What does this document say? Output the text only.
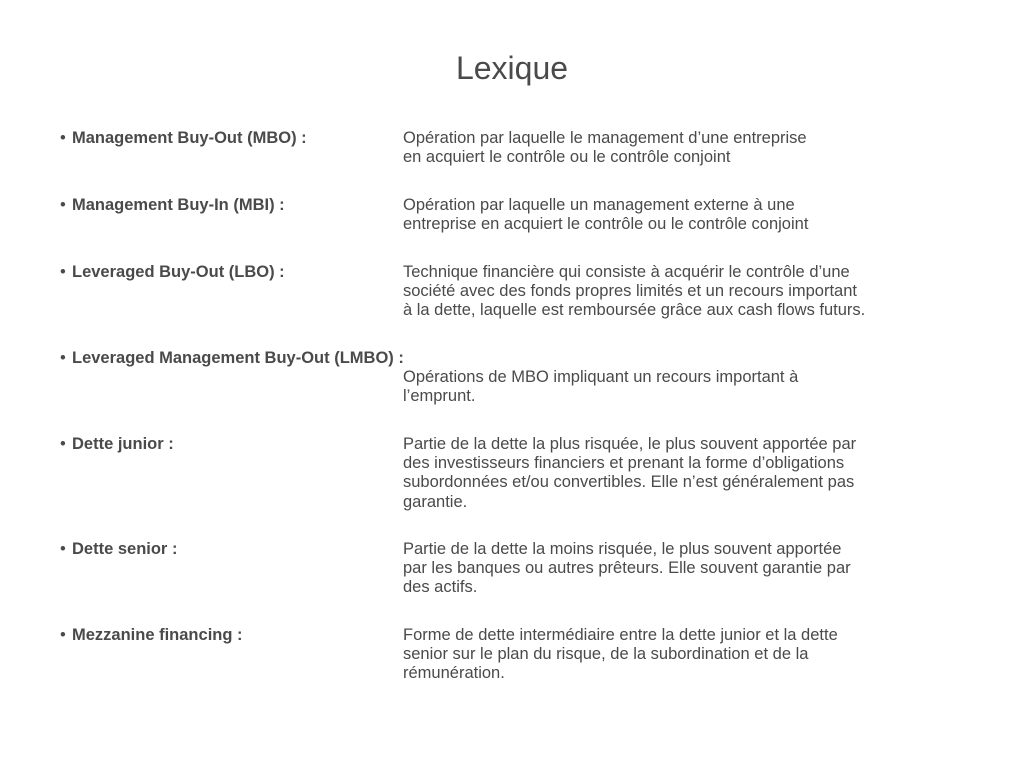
Lexique
• Management Buy-Out (MBO) :	Opération par laquelle le management d’une entreprise
en acquiert le contrôle ou le contrôle conjoint
• Management Buy-In (MBI) :	Opération par laquelle un management externe à une
entreprise en acquiert le contrôle ou le contrôle conjoint
• Leveraged Buy-Out (LBO) :	Technique financière qui consiste à acquérir le contrôle d’une
société avec des fonds propres limités et un recours important
à la dette, laquelle est remboursée grâce aux cash flows futurs.
• Leveraged Management Buy-Out (LMBO) :
Opérations de MBO impliquant un recours important à
l’emprunt.
• Dette junior :	Partie de la dette la plus risquée, le plus souvent apportée par
des investisseurs financiers et prenant la forme d’obligations
subordonnées et/ou convertibles. Elle n’est généralement pas
garantie.
• Dette senior :	Partie de la dette la moins risquée, le plus souvent apportée
par les banques ou autres prêteurs. Elle souvent garantie par
des actifs.
• Mezzanine financing :	Forme de dette intermédiaire entre la dette junior et la dette
senior sur le plan du risque, de la subordination et de la
rémunération.
